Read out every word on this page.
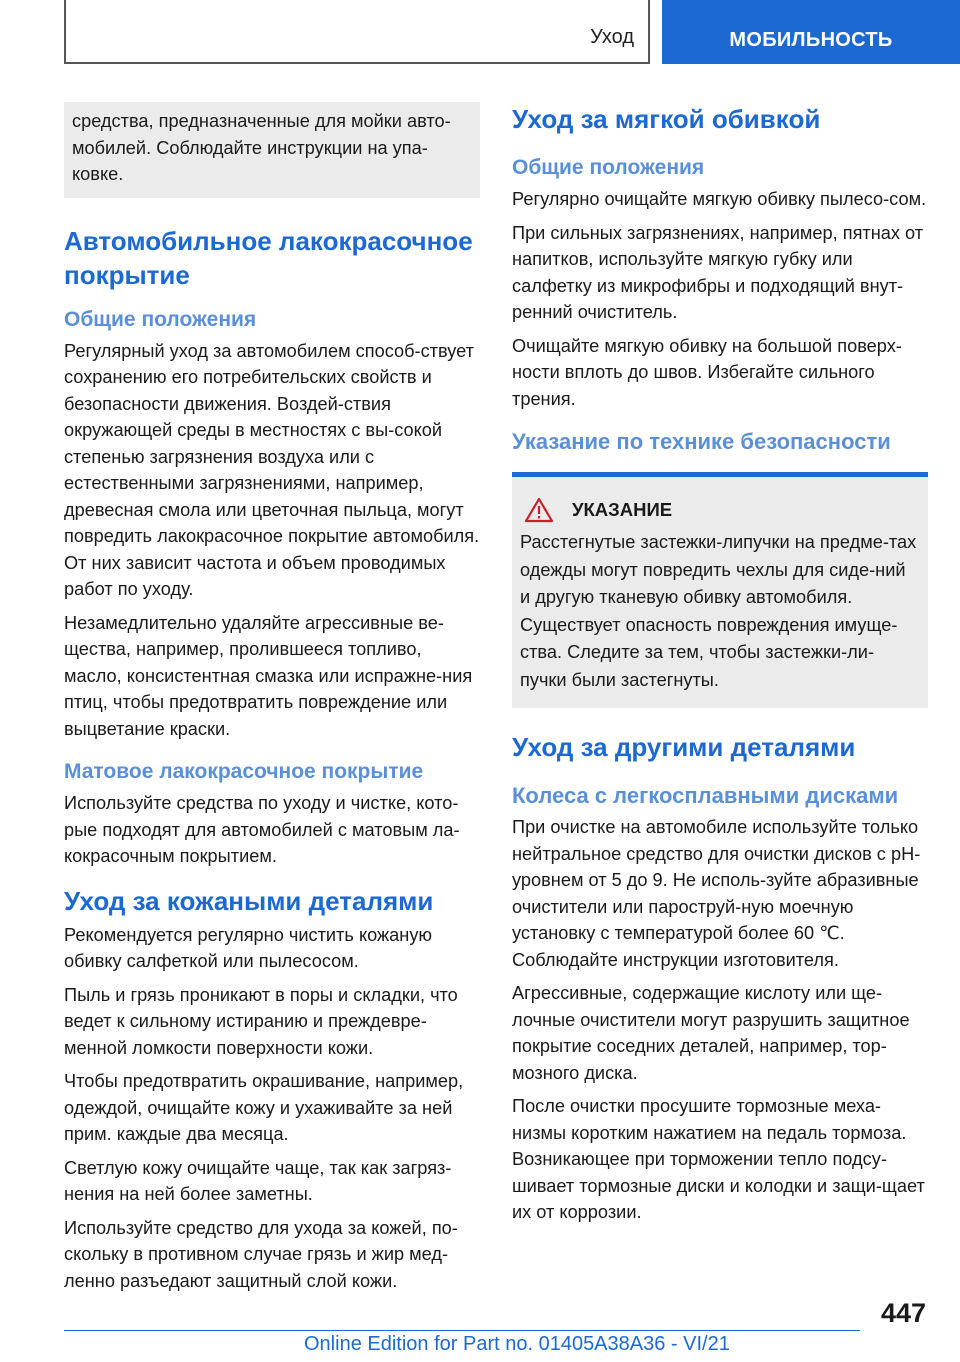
Уход	МОБИЛЬНОСТЬ

средства, предназначенные для мойки авто-мобилей. Соблюдайте инструкции на упа-ковке.

Автомобильное лакокрасочное покрытие
Общие положения

Регулярный уход за автомобилем способ-ствует сохранению его потребительских свойств и безопасности движения. Воздей-ствия окружающей среды в местностях с вы-сокой степенью загрязнения воздуха или с естественными загрязнениями, например, древесная смола или цветочная пыльца, могут повредить лакокрасочное покрытие автомобиля. От них зависит частота и объем проводимых работ по уходу.

Незамедлительно удаляйте агрессивные ве-щества, например, пролившееся топливо, масло, консистентная смазка или испражне-ния птиц, чтобы предотвратить повреждение или выцветание краски.

Матовое лакокрасочное покрытие

Используйте средства по уходу и чистке, кото-рые подходят для автомобилей с матовым ла-кокрасочным покрытием.

Уход за кожаными деталями

Рекомендуется регулярно чистить кожаную обивку салфеткой или пылесосом.

Пыль и грязь проникают в поры и складки, что ведет к сильному истиранию и преждевре-менной ломкости поверхности кожи.

Чтобы предотвратить окрашивание, например, одеждой, очищайте кожу и ухаживайте за ней прим. каждые два месяца.

Светлую кожу очищайте чаще, так как загряз-нения на ней более заметны.

Используйте средство для ухода за кожей, по-скольку в противном случае грязь и жир мед-ленно разъедают защитный слой кожи.

Уход за мягкой обивкой
Общие положения

Регулярно очищайте мягкую обивку пылесо-сом.

При сильных загрязнениях, например, пятнах от напитков, используйте мягкую губку или салфетку из микрофибры и подходящий внут-ренний очиститель.

Очищайте мягкую обивку на большой поверх-ности вплоть до швов. Избегайте сильного трения.

Указание по технике безопасности
УКАЗАНИЕ

Расстегнутые застежки-липучки на предме-тах одежды могут повредить чехлы для сиде-ний и другую тканевую обивку автомобиля. Существует опасность повреждения имуще-ства. Следите за тем, чтобы застежки-ли-пучки были застегнуты.

Уход за другими деталями
Колеса с легкосплавными дисками

При очистке на автомобиле используйте только нейтральное средство для очистки дисков с pH-уровнем от 5 до 9. Не исполь-зуйте абразивные очистители или пароструй-ную моечную установку с температурой более 60 ℃. Соблюдайте инструкции изготовителя.

Агрессивные, содержащие кислоту или ще-лочные очистители могут разрушить защитное покрытие соседних деталей, например, тор-мозного диска.

После очистки просушите тормозные меха-низмы коротким нажатием на педаль тормоза. Возникающее при торможении тепло подсу-шивает тормозные диски и колодки и защи-щает их от коррозии.

447
Online Edition for Part no. 01405A38A36 - VI/21
